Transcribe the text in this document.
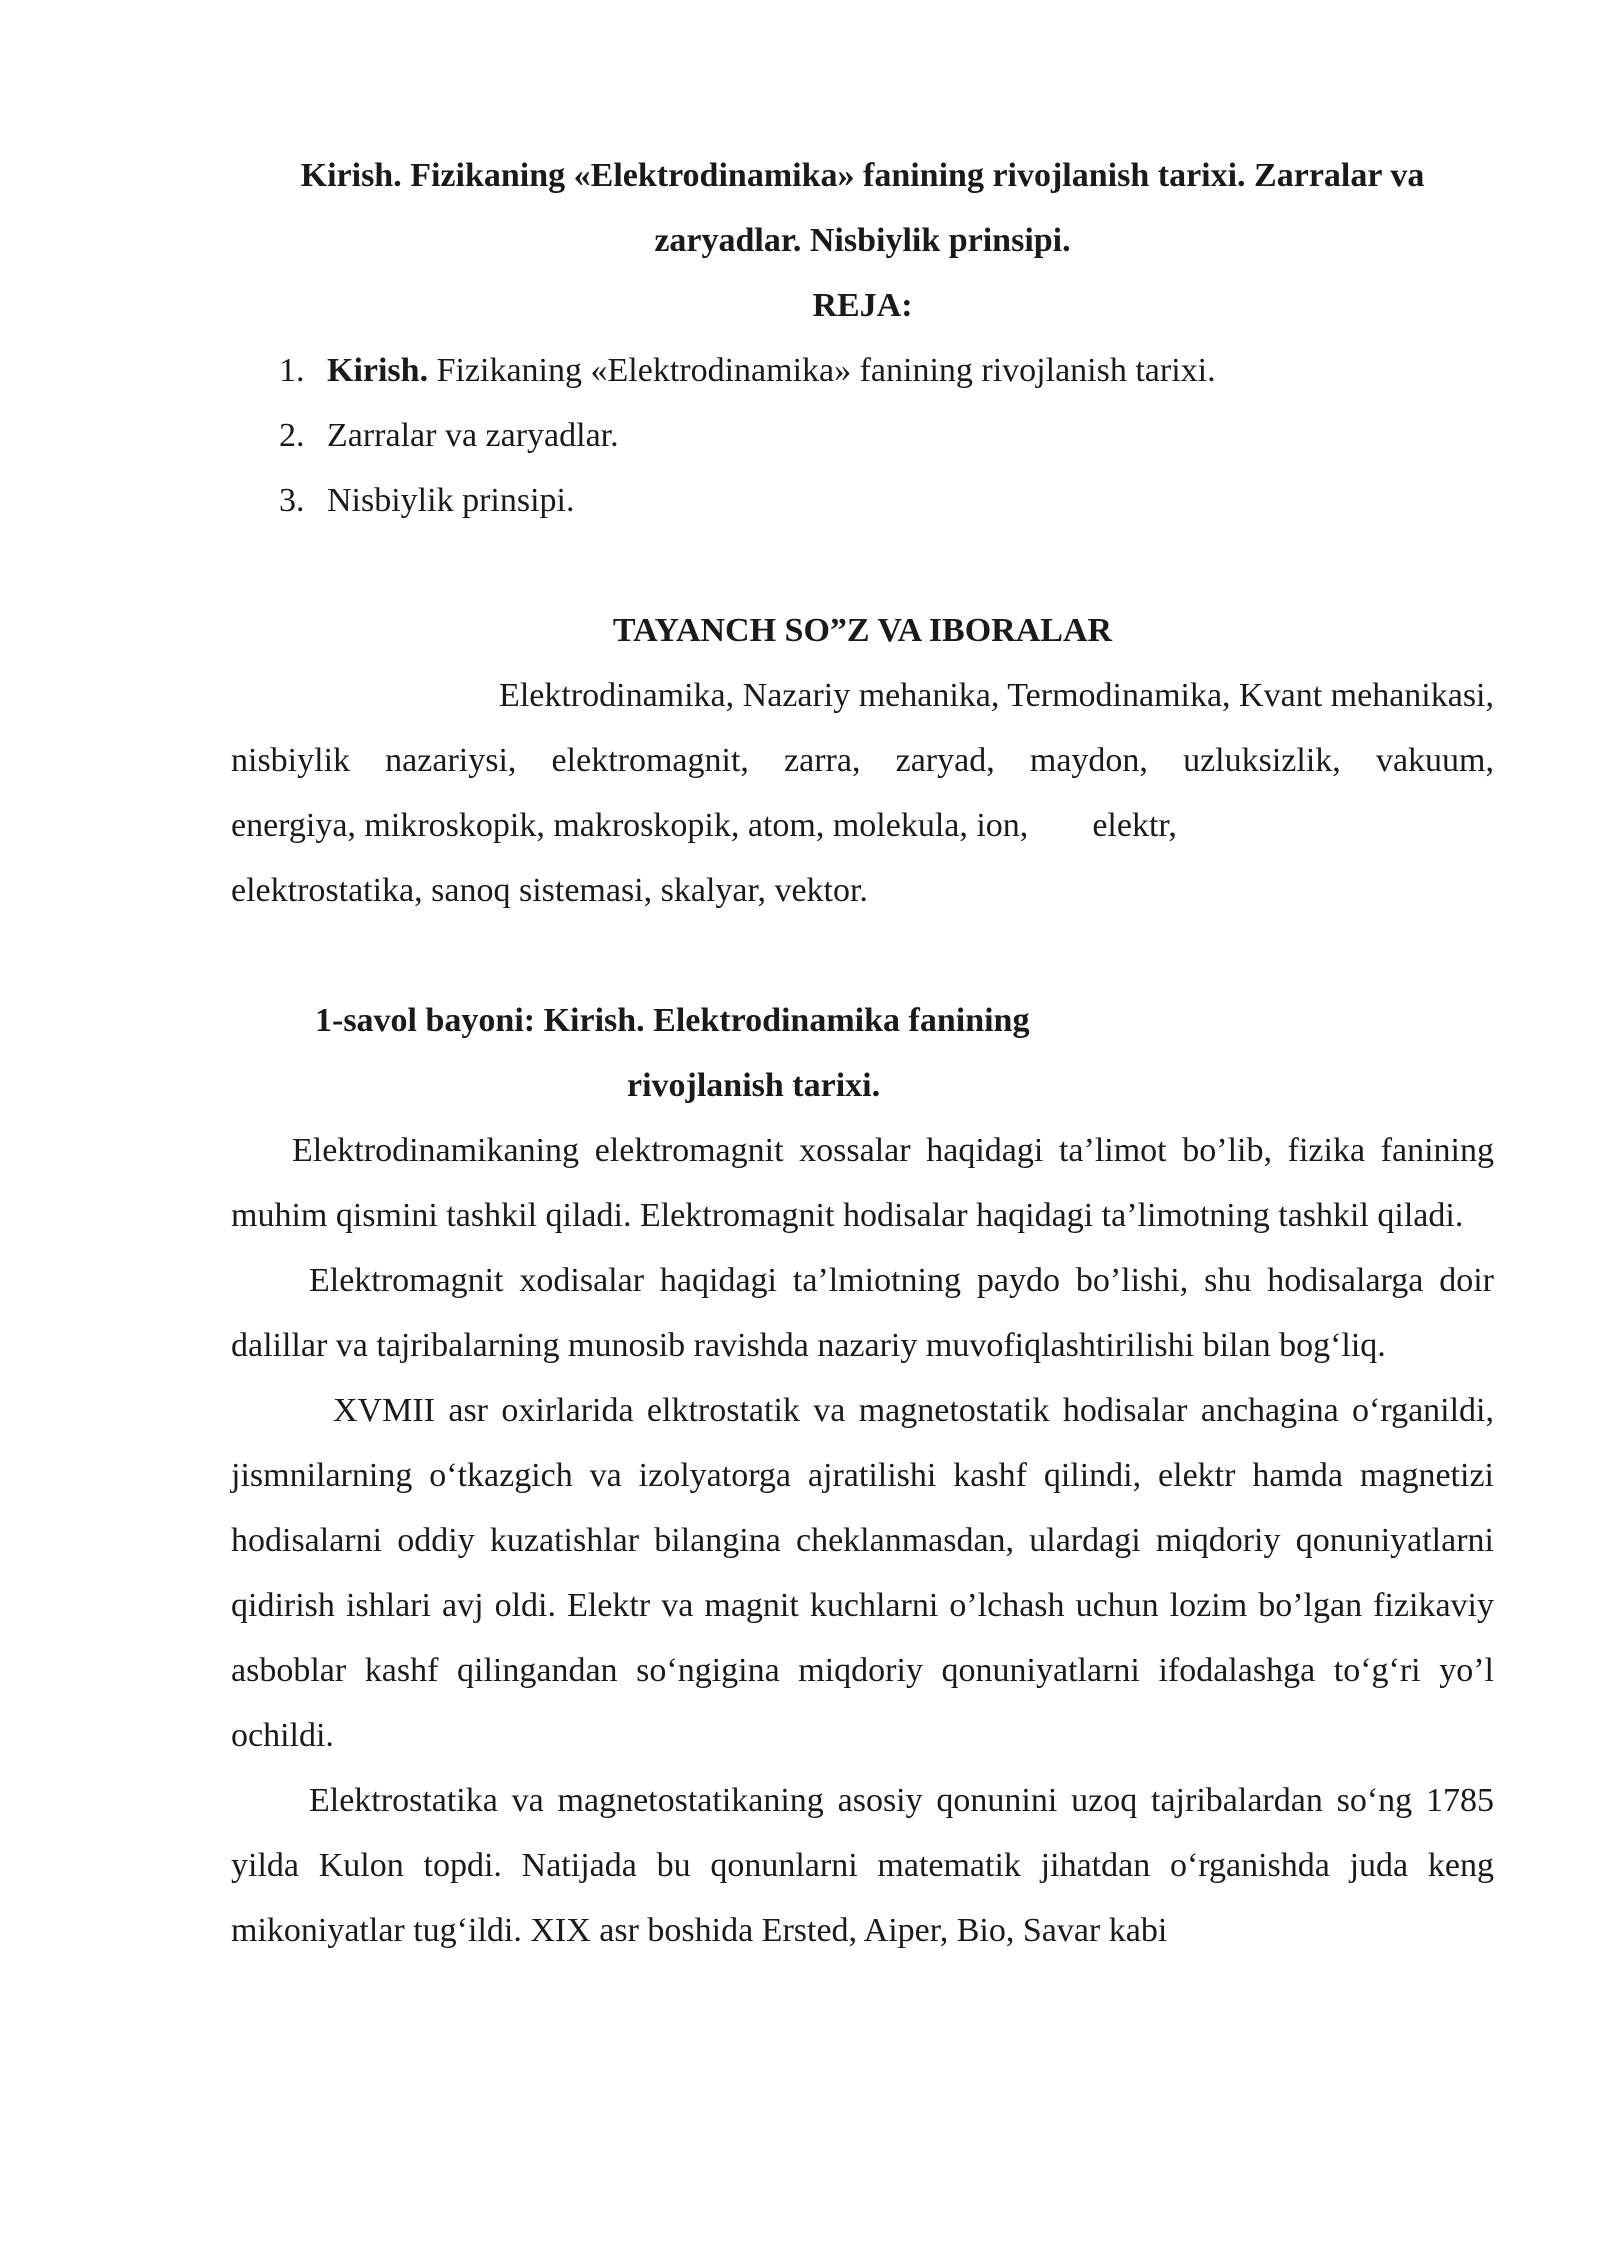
Kirish. Fizikaning «Elektrodinamika» fanining rivojlanish tarixi. Zarralar va
zaryadlar. Nisbiylik prinsipi.
REJA:
1. Kirish. Fizikaning «Elektrodinamika» fanining rivojlanish tarixi.
2. Zarralar va zaryadlar.
3. Nisbiylik prinsipi.
TAYANCH SO”Z VA IBORALAR
Elektrodinamika, Nazariy mehanika, Termodinamika, Kvant mehanikasi,
nisbiylik nazariysi, elektromagnit, zarra, zaryad, maydon, uzluksizlik, vakuum,
energiya, mikroskopik, makroskopik, atom, molekula, ion, elektr,
elektrostatika, sanoq sistemasi, skalyar, vektor.
1-savol bayoni: Kirish. Elektrodinamika fanining
rivojlanish tarixi.

Elektrodinamikaning elektromagnit xossalar haqidagi ta’limot bo’lib, fizika fanining muhim qismini tashkil qiladi. Elektromagnit hodisalar haqidagi ta’limotning tashkil qiladi.

Elektromagnit xodisalar haqidagi ta’lmiotning paydo bo’lishi, shu hodisalarga doir dalillar va tajribalarning munosib ravishda nazariy muvofiqlashtirilishi bilan bog‘liq.

XVMII asr oxirlarida elktrostatik va magnetostatik hodisalar anchagina o‘rganildi, jismnilarning o‘tkazgich va izolyatorga ajratilishi kashf qilindi, elektr hamda magnetizi hodisalarni oddiy kuzatishlar bilangina cheklanmasdan, ulardagi miqdoriy qonuniyatlarni qidirish ishlari avj oldi. Elektr va magnit kuchlarni o’lchash uchun lozim bo’lgan fizikaviy asboblar kashf qilingandan so‘ngigina miqdoriy qonuniyatlarni ifodalashga to‘g‘ri yo’l ochildi.

Elektrostatika va magnetostatikaning asosiy qonunini uzoq tajribalardan so‘ng 1785 yilda Kulon topdi. Natijada bu qonunlarni matematik jihatdan o‘rganishda juda keng mikoniyatlar tug‘ildi. XIX asr boshida Ersted, Aiper, Bio, Savar kabi
